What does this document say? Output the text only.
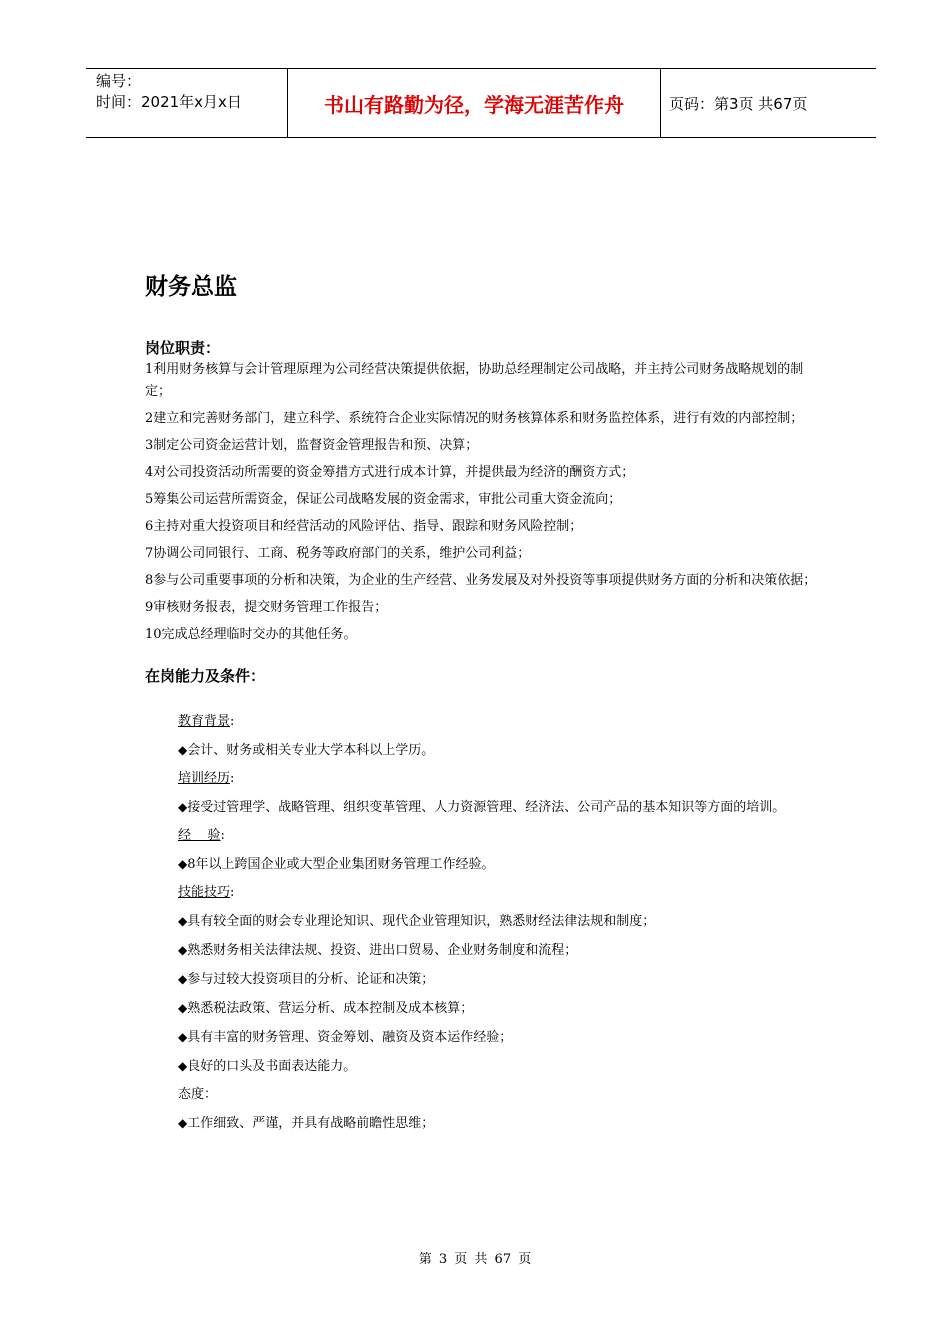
编号：
时间：2021年x月x日	书山有路勤为径，学海无涯苦作舟	页码：第3页 共67页
财务总监
岗位职责：
1利用财务核算与会计管理原理为公司经营决策提供依据，协助总经理制定公司战略，并主持公司财务战略规划的制定；
2建立和完善财务部门，建立科学、系统符合企业实际情况的财务核算体系和财务监控体系，进行有效的内部控制；
3制定公司资金运营计划，监督资金管理报告和预、决算；
4对公司投资活动所需要的资金筹措方式进行成本计算，并提供最为经济的酬资方式；
5筹集公司运营所需资金，保证公司战略发展的资金需求，审批公司重大资金流向；
6主持对重大投资项目和经营活动的风险评估、指导、跟踪和财务风险控制；
7协调公司同银行、工商、税务等政府部门的关系，维护公司利益；
8参与公司重要事项的分析和决策，为企业的生产经营、业务发展及对外投资等事项提供财务方面的分析和决策依据；
9审核财务报表，提交财务管理工作报告；
10完成总经理临时交办的其他任务。
在岗能力及条件：
教育背景:
◆会计、财务或相关专业大学本科以上学历。
培训经历:
◆接受过管理学、战略管理、组织变革管理、人力资源管理、经济法、公司产品的基本知识等方面的培训。
经    验:
◆8年以上跨国企业或大型企业集团财务管理工作经验。
技能技巧:
◆具有较全面的财会专业理论知识、现代企业管理知识，熟悉财经法律法规和制度；
◆熟悉财务相关法律法规、投资、进出口贸易、企业财务制度和流程；
◆参与过较大投资项目的分析、论证和决策；
◆熟悉税法政策、营运分析、成本控制及成本核算；
◆具有丰富的财务管理、资金筹划、融资及资本运作经验；
◆良好的口头及书面表达能力。
态度：
◆工作细致、严谨，并具有战略前瞻性思维；
第 3 页 共 67 页
